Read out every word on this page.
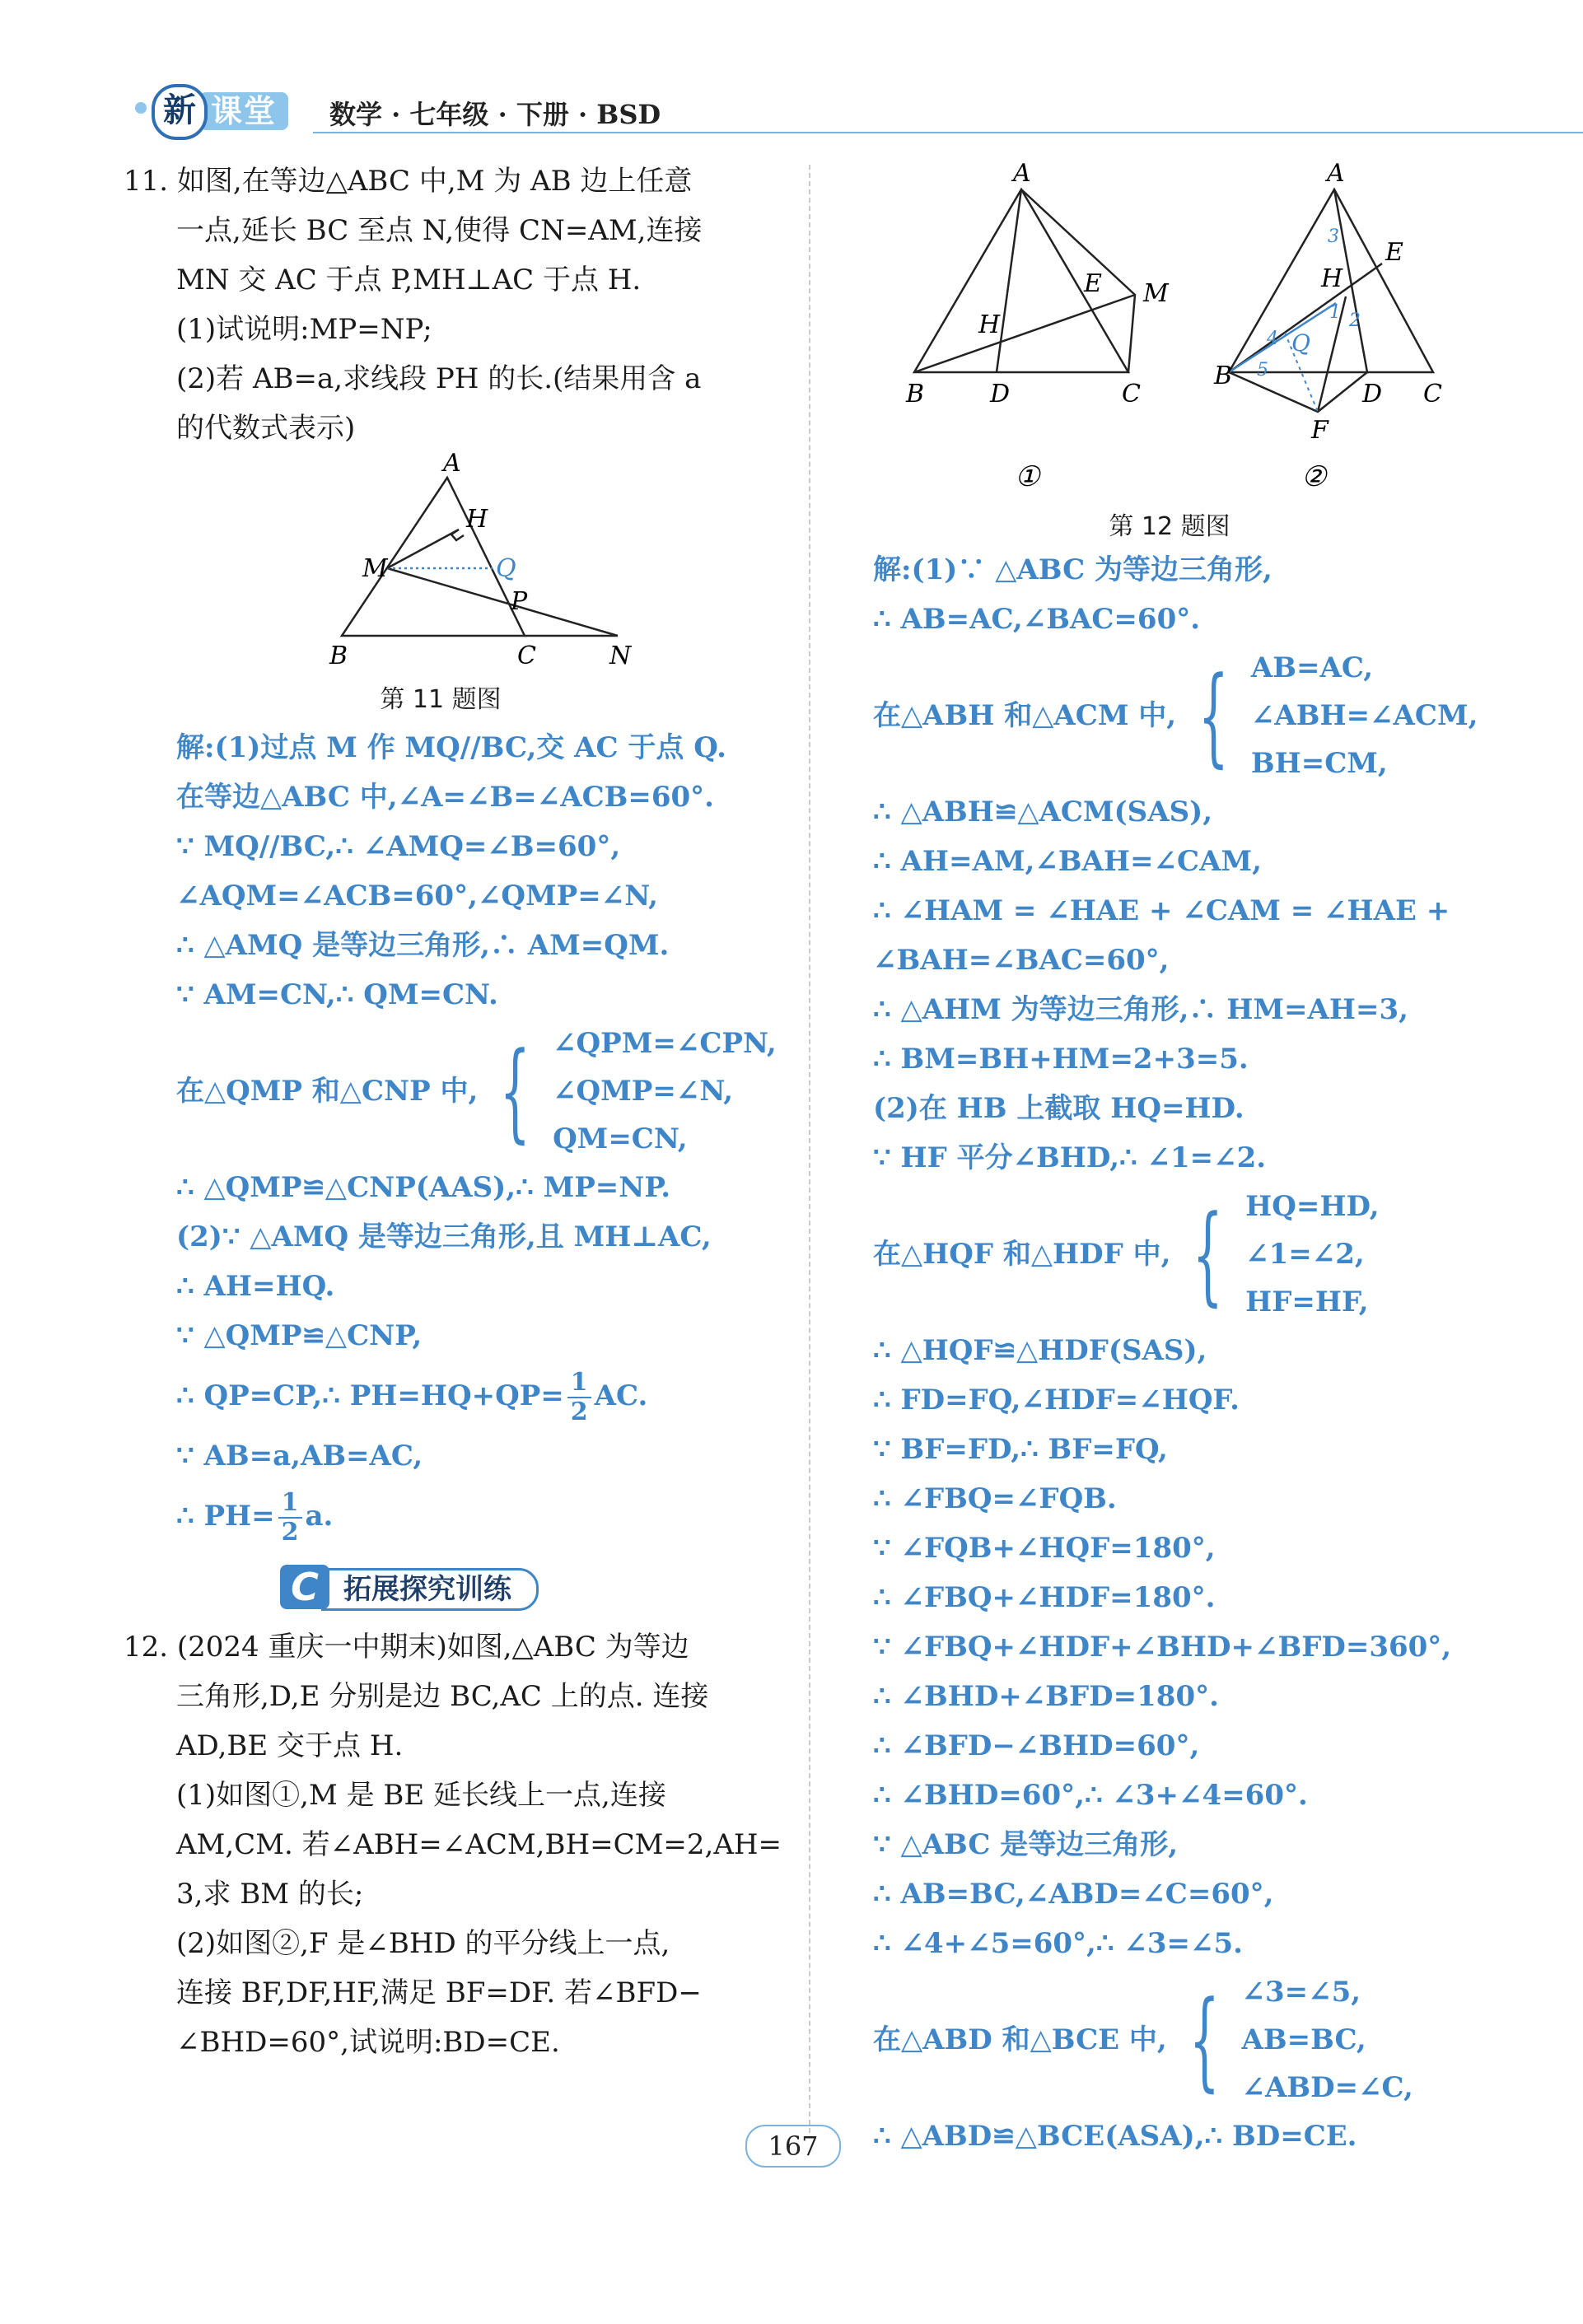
课堂
新	数学 · 七年级 · 下册 · BSD
11. 如图,在等边△ABC 中,M 为 AB 边上任意
一点,延长 BC 至点 N,使得 CN=AM,连接
MN 交 AC 于点 P,MH⊥AC 于点 H.
(1)试说明:MP=NP;
(2)若 AB=a,求线段 PH 的长.(结果用含 a
的代数式表示)
A
H
M	Q
P
B	C	N
第 11 题图
解:(1)过点 M 作 MQ//BC,交 AC 于点 Q.
在等边△ABC 中,∠A=∠B=∠ACB=60°.
∵ MQ//BC,∴ ∠AMQ=∠B=60°,
∠AQM=∠ACB=60°,∠QMP=∠N,
∴ △AMQ 是等边三角形,∴ AM=QM.
∵ AM=CN,∴ QM=CN.
在△QMP 和△CNP 中, { ∠QPM=∠CPN,
∠QMP=∠N,
QM=CN,
∴ △QMP≌△CNP(AAS),∴ MP=NP.
(2)∵ △AMQ 是等边三角形,且 MH⊥AC,
∴ AH=HQ.
∵ △QMP≌△CNP,
∴ QP=CP,∴ $PH=HQ+QP= \frac{1}{2}$ AC.
∵ AB=a,AB=AC,
∴ $PH= \frac{1}{2} a$.
拓展探究训练
C
12. (2024 重庆一中期末)如图,△ABC 为等边
三角形,D,E 分别是边 BC,AC 上的点. 连接
AD,BE 交于点 H.
(1)如图①,M 是 BE 延长线上一点,连接
AM,CM. 若∠ABH=∠ACM,BH=CM=2,AH=
3,求 BM 的长;
(2)如图②,F 是∠BHD 的平分线上一点,
连接 BF,DF,HF,满足 BF=DF. 若∠BFD−
∠BHD=60°,试说明:BD=CE.
A
E M
H
B	D	C
①
A
E
H
Q
B
D C
F
1 2
3
4
5
②
第 12 题图
解:(1)∵ △ABC 为等边三角形,
∴ AB=AC,∠BAC=60°.
在△ABH 和△ACM 中, { AB=AC,
∠ABH=∠ACM,
BH=CM,
∴ △ABH≌△ACM(SAS),
∴ AH=AM,∠BAH=∠CAM,
∴ ∠HAM = ∠HAE + ∠CAM = ∠HAE +
∠BAH=∠BAC=60°,
∴ △AHM 为等边三角形,∴ HM=AH=3,
∴ BM=BH+HM=2+3=5.
(2)在 HB 上截取 HQ=HD.
∵ HF 平分∠BHD,∴ ∠1=∠2.
在△HQF 和△HDF 中, { HQ=HD,
∠1=∠2,
HF=HF,
∴ △HQF≌△HDF(SAS),
∴ FD=FQ,∠HDF=∠HQF.
∵ BF=FD,∴ BF=FQ,
∴ ∠FBQ=∠FQB.
∵ ∠FQB+∠HQF=180°,
∴ ∠FBQ+∠HDF=180°.
∵ ∠FBQ+∠HDF+∠BHD+∠BFD=360°,
∴ ∠BHD+∠BFD=180°.
∴ ∠BFD−∠BHD=60°,
∴ ∠BHD=60°,∴ ∠3+∠4=60°.
∵ △ABC 是等边三角形,
∴ AB=BC,∠ABD=∠C=60°,
∴ ∠4+∠5=60°,∴ ∠3=∠5.
在△ABD 和△BCE 中, { ∠3=∠5,
AB=BC,
∠ABD=∠C,
∴ △ABD≌△BCE(ASA),∴ BD=CE.
167
